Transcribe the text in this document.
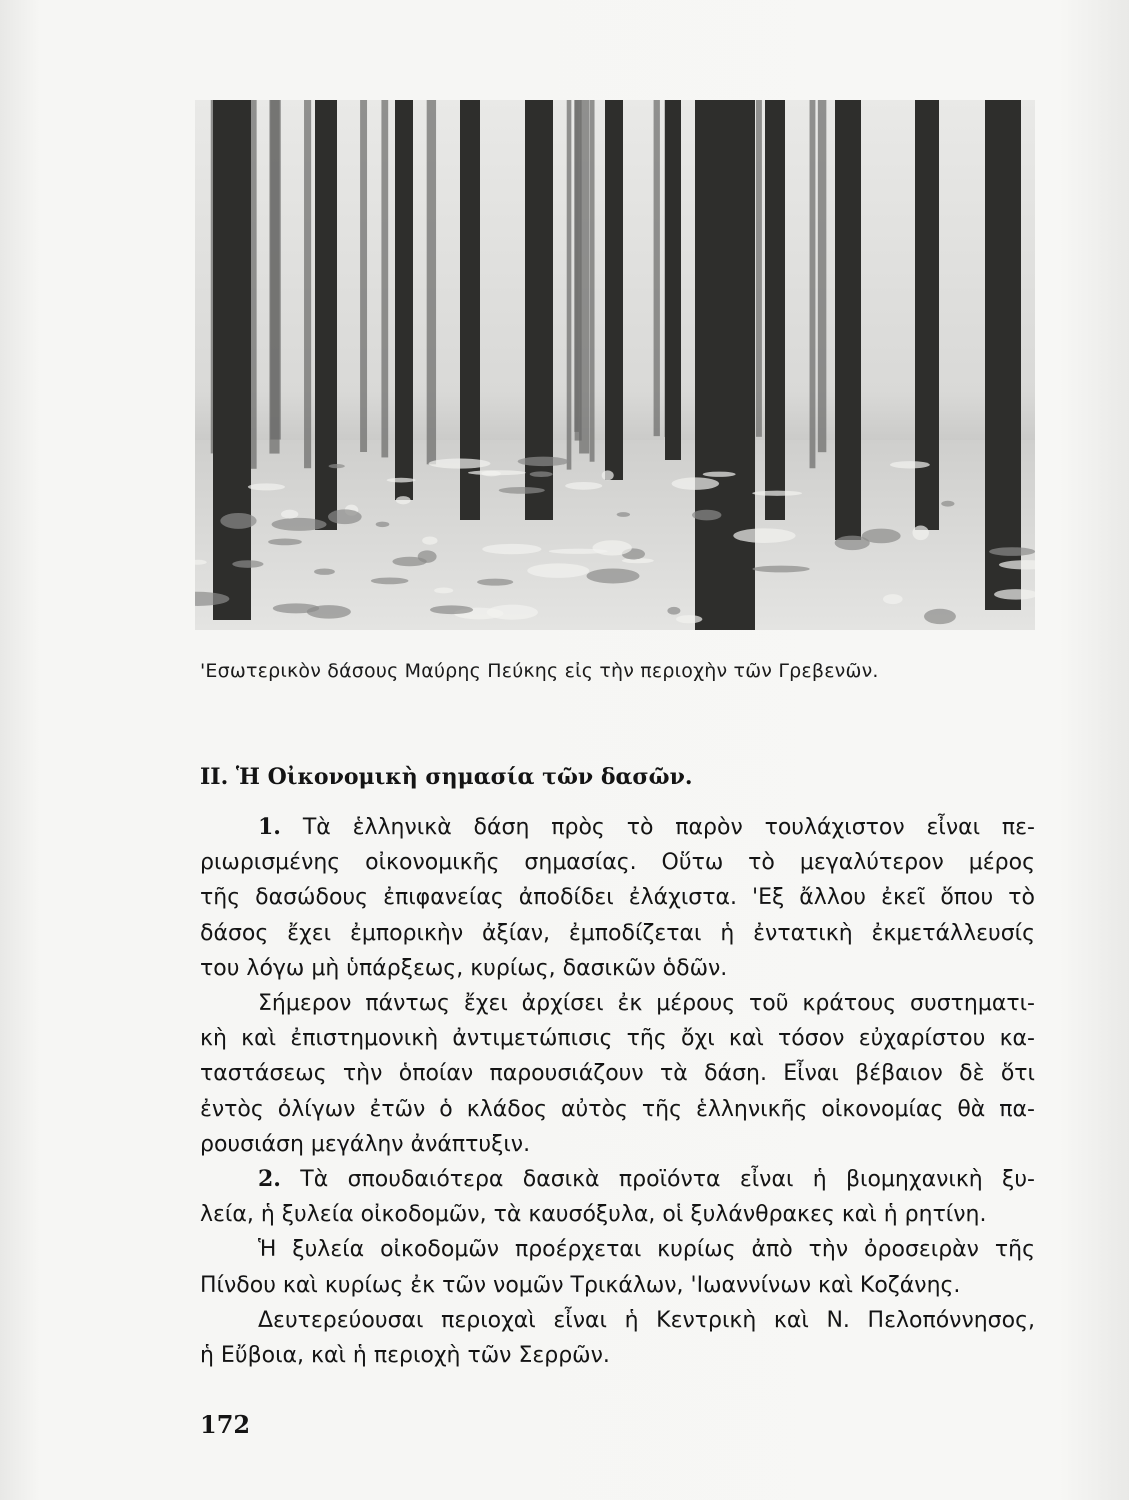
'Εσωτερικὸν δάσους Μαύρης Πεύκης εἰς τὴν περιοχὴν τῶν Γρεβενῶν.
ΙΙ. Ἡ Οἰκονομικὴ σημασία τῶν δασῶν.

1. Τὰ ἑλληνικὰ δάση πρὸς τὸ παρὸν τουλάχιστον εἶναι πε-
ριωρισμένης οἰκονομικῆς σημασίας. Οὕτω τὸ μεγαλύτερον μέρος
τῆς δασώδους ἐπιφανείας ἀποδίδει ἐλάχιστα. 'Εξ ἄλλου ἐκεῖ ὅπου τὸ
δάσος ἔχει ἐμπορικὴν ἀξίαν, ἐμποδίζεται ἡ ἐντατικὴ ἐκμετάλλευσίς
του λόγω μὴ ὑπάρξεως, κυρίως, δασικῶν ὁδῶν.

Σήμερον πάντως ἔχει ἀρχίσει ἐκ μέρους τοῦ κράτους συστηματι-
κὴ καὶ ἐπιστημονικὴ ἀντιμετώπισις τῆς ὄχι καὶ τόσον εὐχαρίστου κα-
ταστάσεως τὴν ὁποίαν παρουσιάζουν τὰ δάση. Εἶναι βέβαιον δὲ ὅτι
ἐντὸς ὀλίγων ἐτῶν ὁ κλάδος αὐτὸς τῆς ἑλληνικῆς οἰκονομίας θὰ πα-
ρουσιάση μεγάλην ἀνάπτυξιν.

2. Τὰ σπουδαιότερα δασικὰ προϊόντα εἶναι ἡ βιομηχανικὴ ξυ-
λεία, ἡ ξυλεία οἰκοδομῶν, τὰ καυσόξυλα, οἱ ξυλάνθρακες καὶ ἡ ρητίνη.

Ἡ ξυλεία οἰκοδομῶν προέρχεται κυρίως ἀπὸ τὴν ὀροσειρὰν τῆς
Πίνδου καὶ κυρίως ἐκ τῶν νομῶν Τρικάλων, 'Ιωαννίνων καὶ Κοζάνης.

Δευτερεύουσαι περιοχαὶ εἶναι ἡ Κεντρικὴ καὶ Ν. Πελοπόννησος,
ἡ Εὔβοια, καὶ ἡ περιοχὴ τῶν Σερρῶν.

172
